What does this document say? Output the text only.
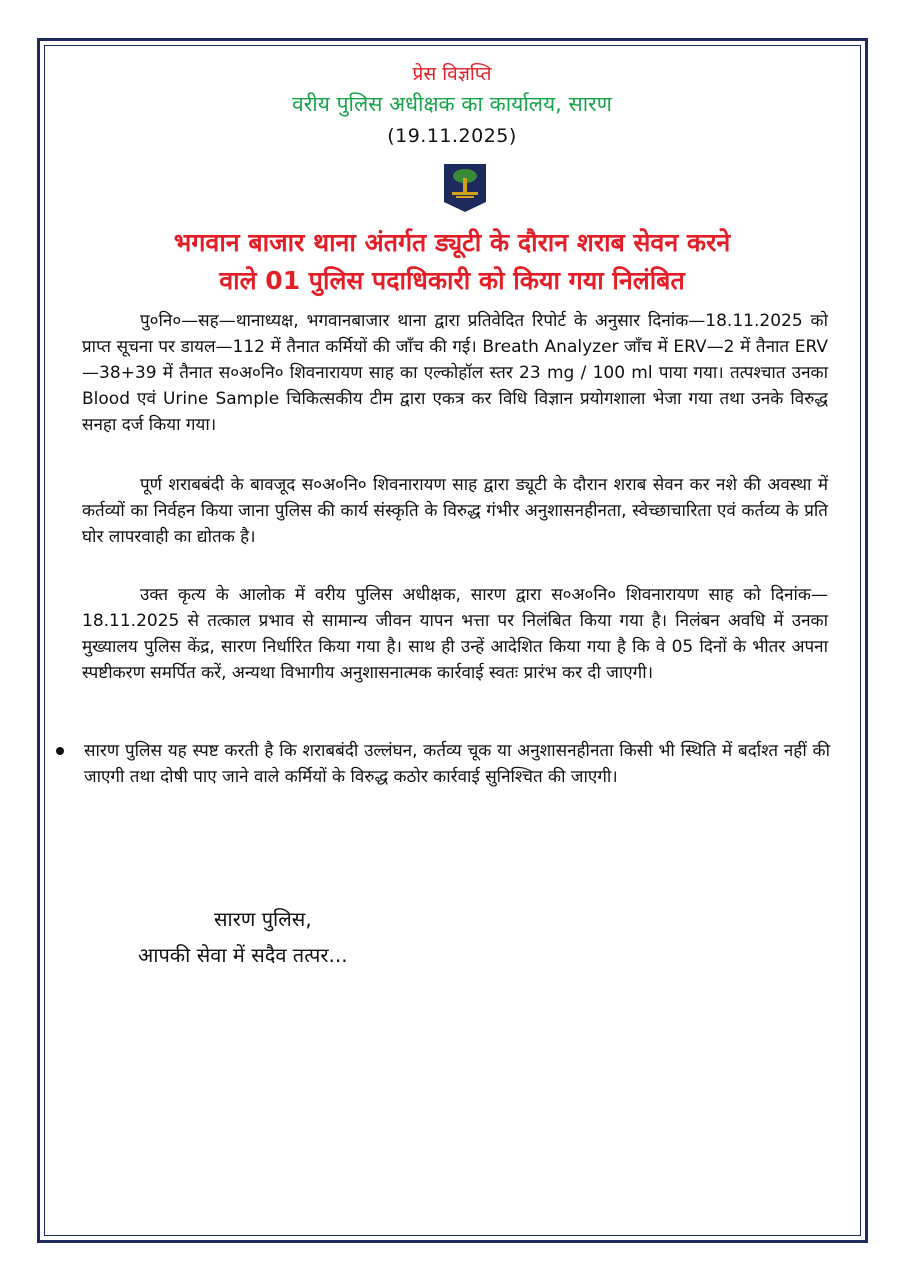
प्रेस विज्ञप्ति
वरीय पुलिस अधीक्षक का कार्यालय, सारण
(19.11.2025)
भगवान बाजार थाना अंतर्गत ड्यूटी के दौरान शराब सेवन करने
वाले 01 पुलिस पदाधिकारी को किया गया निलंबित
पु०नि०—सह—थानाध्यक्ष, भगवानबाजार थाना द्वारा प्रतिवेदित रिपोर्ट के अनुसार दिनांक—18.11.2025 को प्राप्त सूचना पर डायल—112 में तैनात कर्मियों की जाँच की गई। Breath Analyzer जाँच में ERV—2 में तैनात ERV—38+39 में तैनात स०अ०नि० शिवनारायण साह का एल्कोहॉल स्तर 23 mg / 100 ml पाया गया। तत्पश्चात उनका Blood एवं Urine Sample चिकित्सकीय टीम द्वारा एकत्र कर विधि विज्ञान प्रयोगशाला भेजा गया तथा उनके विरुद्ध सनहा दर्ज किया गया।
पूर्ण शराबबंदी के बावजूद स०अ०नि० शिवनारायण साह द्वारा ड्यूटी के दौरान शराब सेवन कर नशे की अवस्था में कर्तव्यों का निर्वहन किया जाना पुलिस की कार्य संस्कृति के विरुद्ध गंभीर अनुशासनहीनता, स्वेच्छाचारिता एवं कर्तव्य के प्रति घोर लापरवाही का द्योतक है।
उक्त कृत्य के आलोक में वरीय पुलिस अधीक्षक, सारण द्वारा स०अ०नि० शिवनारायण साह को दिनांक—18.11.2025 से तत्काल प्रभाव से सामान्य जीवन यापन भत्ता पर निलंबित किया गया है। निलंबन अवधि में उनका मुख्यालय पुलिस केंद्र, सारण निर्धारित किया गया है। साथ ही उन्हें आदेशित किया गया है कि वे 05 दिनों के भीतर अपना स्पष्टीकरण समर्पित करें, अन्यथा विभागीय अनुशासनात्मक कार्रवाई स्वतः प्रारंभ कर दी जाएगी।
सारण पुलिस यह स्पष्ट करती है कि शराबबंदी उल्लंघन, कर्तव्य चूक या अनुशासनहीनता किसी भी स्थिति में बर्दाश्त नहीं की जाएगी तथा दोषी पाए जाने वाले कर्मियों के विरुद्ध कठोर कार्रवाई सुनिश्चित की जाएगी।
सारण पुलिस,
आपकी सेवा में सदैव तत्पर...
